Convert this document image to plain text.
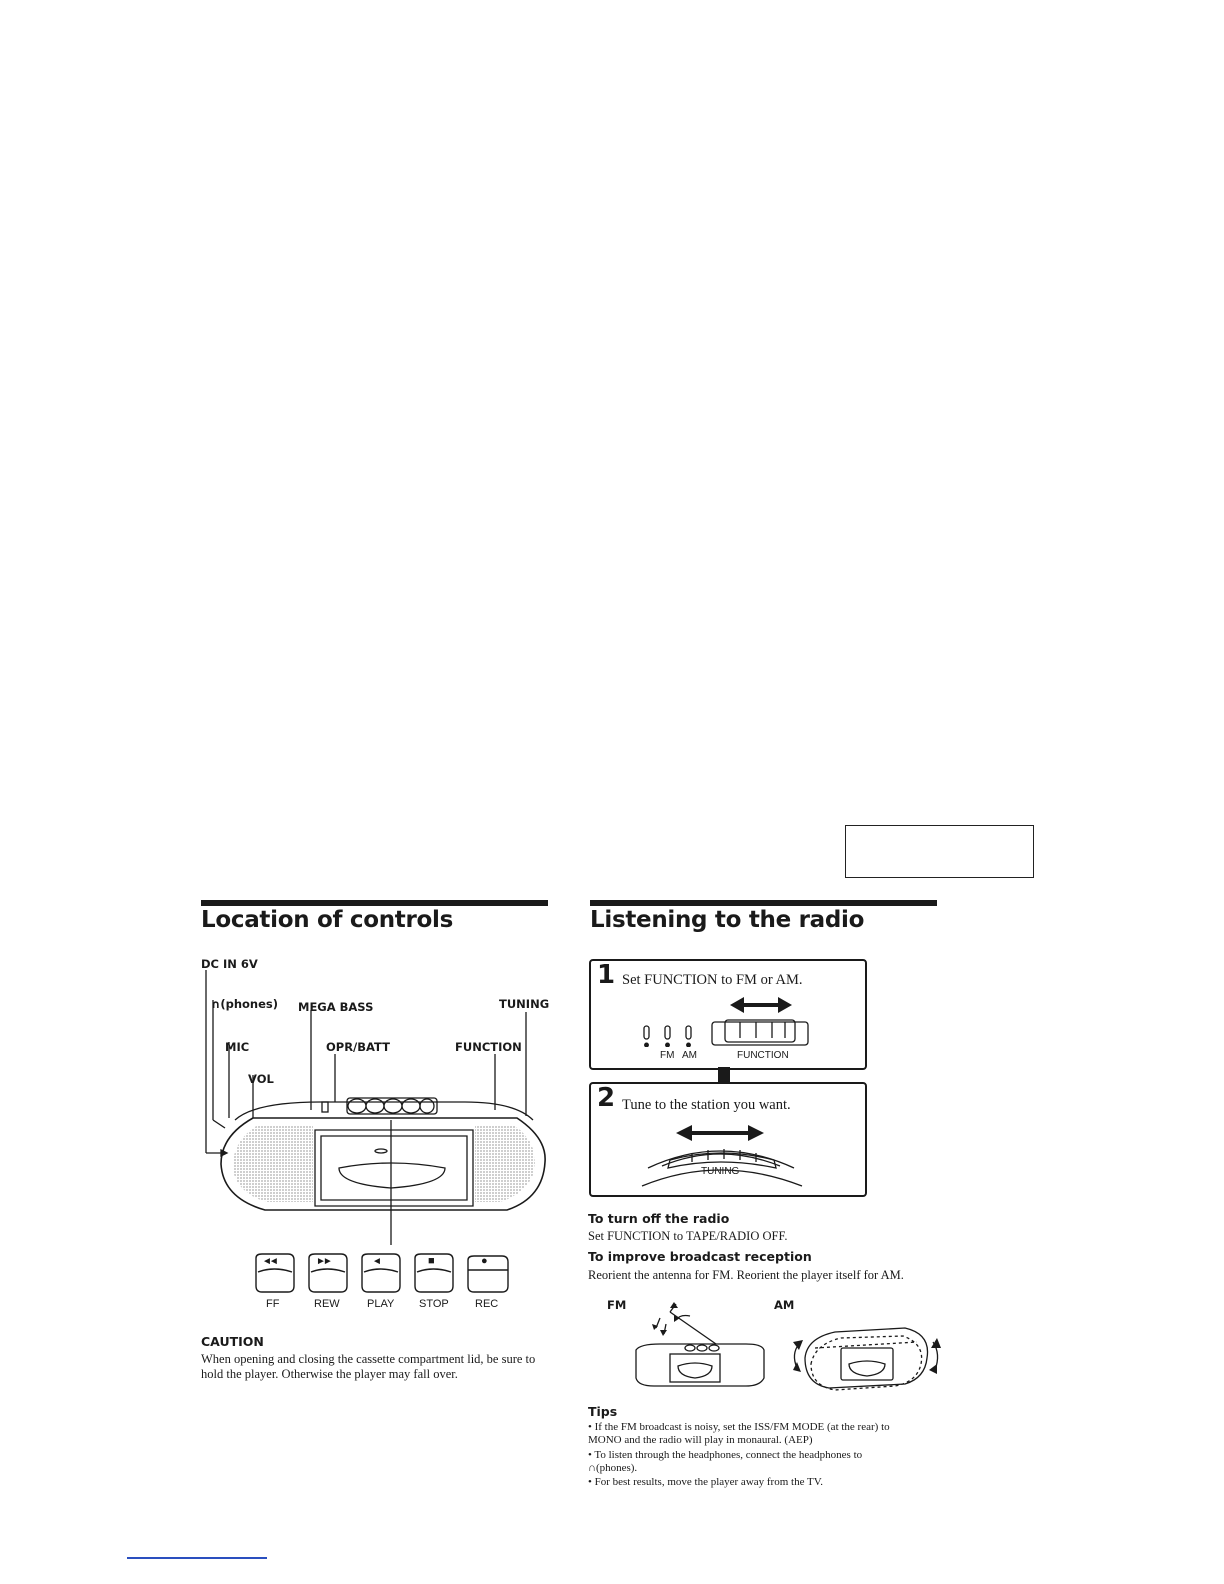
Location of controls
DC IN 6V
∩(phones) MEGA BASS	TUNING
MIC	OPR/BATT	FUNCTION
VOL
◄◄	►►	◄	■	●
FF	REW PLAY STOP REC
CAUTION
When opening and closing the cassette compartment lid, be sure to hold the player. Otherwise the player may fall over.
Listening to the radio
1 Set FUNCTION to FM or AM.
FM AM	FUNCTION
2 Tune to the station you want.
TUNING
To turn off the radio
Set FUNCTION to TAPE/RADIO OFF.
To improve broadcast reception
Reorient the antenna for FM. Reorient the player itself for AM.
FM	AM
Tips
• If the FM broadcast is noisy, set the ISS/FM MODE (at the rear) to MONO and the radio will play in monaural. (AEP)
• To listen through the headphones, connect the headphones to ∩(phones).
• For best results, move the player away from the TV.
